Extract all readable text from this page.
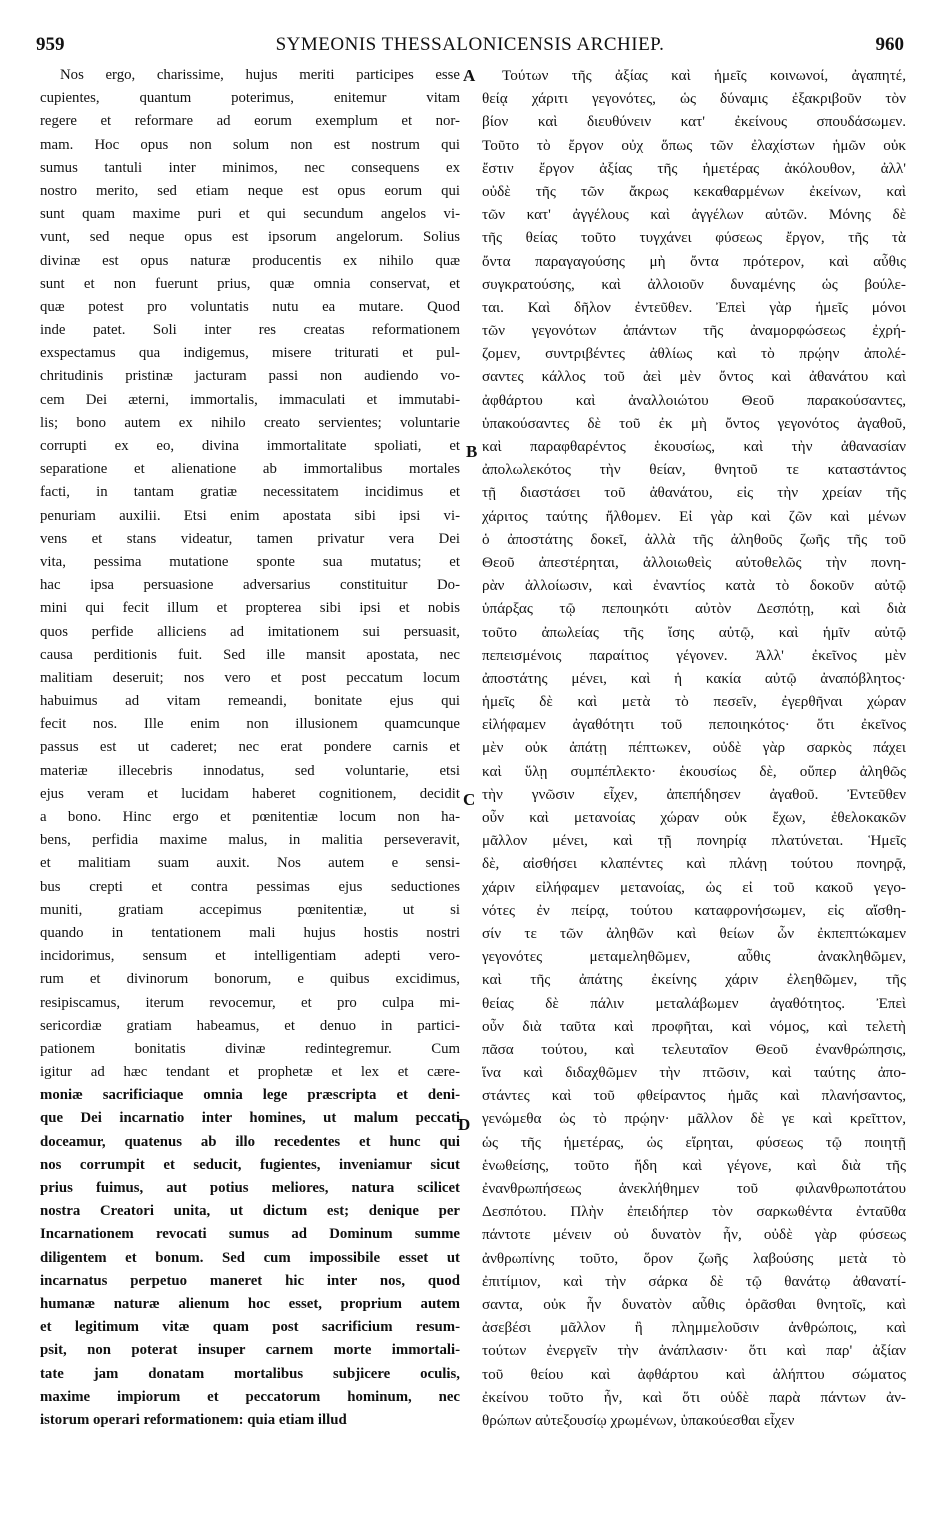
959	SYMEONIS THESSALONICENSIS ARCHIEP.	960
Nos ergo, charissime, hujus meriti participes esse
cupientes, quantum poterimus, enitemur vitam
regere et reformare ad eorum exemplum et nor-
mam. Hoc opus non solum non est nostrum qui
sumus tantuli inter minimos, nec consequens ex
nostro merito, sed etiam neque est opus eorum qui
sunt quam maxime puri et qui secundum angelos vi-
vunt, sed neque opus est ipsorum angelorum. Solius
divinæ est opus naturæ producentis ex nihilo quæ
sunt et non fuerunt prius, quæ omnia conservat, et
quæ potest pro voluntatis nutu ea mutare. Quod
inde patet. Soli inter res creatas reformationem
exspectamus qua indigemus, misere triturati et pul-
chritudinis pristinæ jacturam passi non audiendo vo-
cem Dei æterni, immortalis, immaculati et immutabi-
lis; bono autem ex nihilo creato servientes; voluntarie
corrupti ex eo, divina immortalitate spoliati, et
separatione et alienatione ab immortalibus mortales
facti, in tantam gratiæ necessitatem incidimus et
penuriam auxilii. Etsi enim apostata sibi ipsi vi-
vens et stans videatur, tamen privatur vera Dei
vita, pessima mutatione sponte sua mutatus; et
hac ipsa persuasione adversarius constituitur Do-
mini qui fecit illum et propterea sibi ipsi et nobis
quos perfide alliciens ad imitationem sui persuasit,
causa perditionis fuit. Sed ille mansit apostata, nec
malitiam deseruit; nos vero et post peccatum locum
habuimus ad vitam remeandi, bonitate ejus qui
fecit nos. Ille enim non illusionem quamcunque
passus est ut caderet; nec erat pondere carnis et
materiæ illecebris innodatus, sed voluntarie, etsi
ejus veram et lucidam haberet cognitionem, decidit
a bono. Hinc ergo et pœnitentiæ locum non ha-
bens, perfidia maxime malus, in malitia perseveravit,
et malitiam suam auxit. Nos autem e sensi-
bus crepti et contra pessimas ejus seductiones
muniti, gratiam accepimus pœnitentiæ, ut si
quando in tentationem mali hujus hostis nostri
incidorimus, sensum et intelligentiam adepti vero-
rum et divinorum bonorum, e quibus excidimus,
resipiscamus, iterum revocemur, et pro culpa mi-
sericordiæ gratiam habeamus, et denuo in partici-
pationem bonitatis divinæ redintegremur. Cum
igitur ad hæc tendant et prophetæ et lex et cære-
moniæ sacrificiaque omnia lege præscripta et deni-
que Dei incarnatio inter homines, ut malum peccati
doceamur, quatenus ab illo recedentes et hunc qui
nos corrumpit et seducit, fugientes, inveniamur sicut
prius fuimus, aut potius meliores, natura scilicet
nostra Creatori unita, ut dictum est; denique per
Incarnationem revocati sumus ad Dominum summe
diligentem et bonum. Sed cum impossibile esset ut
incarnatus perpetuo maneret hic inter nos, quod
humanæ naturæ alienum hoc esset, proprium autem
et legitimum vitæ quam post sacrificium resum-
psit, non poterat insuper carnem morte immortali-
tate jam donatam mortalibus subjicere oculis,
maxime impiorum et peccatorum hominum, nec
istorum operari reformationem: quia etiam illud
A
B
C
D
Τούτων τῆς ἀξίας καὶ ἡμεῖς κοινωνοί, ἀγαπητέ,
θείᾳ χάριτι γεγονότες, ὡς δύναμις ἐξακριβοῦν τὸν
βίον καὶ διευθύνειν κατ' ἐκείνους σπουδάσωμεν.
Τοῦτο τὸ ἔργον οὐχ ὅπως τῶν ἐλαχίστων ἡμῶν οὐκ
ἔστιν ἔργον ἀξίας τῆς ἡμετέρας ἀκόλουθον, ἀλλ'
οὐδὲ τῆς τῶν ἄκρως κεκαθαρμένων ἐκείνων, καὶ
τῶν κατ' ἀγγέλους καὶ ἀγγέλων αὐτῶν. Μόνης δὲ
τῆς θείας τοῦτο τυγχάνει φύσεως ἔργον, τῆς τὰ
ὄντα παραγαγούσης μὴ ὄντα πρότερον, καὶ αὖθις
συγκρατούσης, καὶ ἀλλοιοῦν δυναμένης ὡς βούλε-
ται. Καὶ δῆλον ἐντεῦθεν. Ἐπεὶ γὰρ ἡμεῖς μόνοι
τῶν γεγονότων ἁπάντων τῆς ἀναμορφώσεως ἐχρή-
ζομεν, συντριβέντες ἀθλίως καὶ τὸ πρῴην ἀπολέ-
σαντες κάλλος τοῦ ἀεὶ μὲν ὄντος καὶ ἀθανάτου καὶ
ἀφθάρτου καὶ ἀναλλοιώτου Θεοῦ παρακούσαντες,
ὑπακούσαντες δὲ τοῦ ἐκ μὴ ὄντος γεγονότος ἀγαθοῦ,
καὶ παραφθαρέντος ἑκουσίως, καὶ τὴν ἀθανασίαν
ἀπολωλεκότος τὴν θείαν, θνητοῦ τε καταστάντος
τῇ διαστάσει τοῦ ἀθανάτου, εἰς τὴν χρείαν τῆς
χάριτος ταύτης ἤλθομεν. Εἰ γὰρ καὶ ζῶν καὶ μένων
ὁ ἀποστάτης δοκεῖ, ἀλλὰ τῆς ἀληθοῦς ζωῆς τῆς τοῦ
Θεοῦ ἀπεστέρηται, ἀλλοιωθεὶς αὐτοθελῶς τὴν πονη-
ρὰν ἀλλοίωσιν, καὶ ἐναντίος κατὰ τὸ δοκοῦν αὐτῷ
ὑπάρξας τῷ πεποιηκότι αὐτὸν Δεσπότῃ, καὶ διὰ
τοῦτο ἀπωλείας τῆς ἴσης αὐτῷ, καὶ ἡμῖν αὐτῷ
πεπεισμένοις παραίτιος γέγονεν. Ἀλλ' ἐκεῖνος μὲν
ἀποστάτης μένει, καὶ ἡ κακία αὐτῷ ἀναπόβλητος·
ἡμεῖς δὲ καὶ μετὰ τὸ πεσεῖν, ἐγερθῆναι χώραν
εἰλήφαμεν ἀγαθότητι τοῦ πεποιηκότος· ὅτι ἐκεῖνος
μὲν οὐκ ἀπάτῃ πέπτωκεν, οὐδὲ γὰρ σαρκὸς πάχει
καὶ ὕλῃ συμπέπλεκτο· ἑκουσίως δὲ, οὕπερ ἀληθῶς
τὴν γνῶσιν εἶχεν, ἀπεπήδησεν ἀγαθοῦ. Ἐντεῦθεν
οὖν καὶ μετανοίας χώραν οὐκ ἔχων, ἐθελοκακῶν
μᾶλλον μένει, καὶ τῇ πονηρίᾳ πλατύνεται. Ἡμεῖς
δὲ, αἰσθήσει κλαπέντες καὶ πλάνῃ τούτου πονηρᾷ,
χάριν εἰλήφαμεν μετανοίας, ὡς εἰ τοῦ κακοῦ γεγο-
νότες ἐν πείρᾳ, τούτου καταφρονήσωμεν, εἰς αἴσθη-
σίν τε τῶν ἀληθῶν καὶ θείων ὧν ἐκπεπτώκαμεν
γεγονότες μεταμεληθῶμεν, αὖθις ἀνακληθῶμεν,
καὶ τῆς ἀπάτης ἐκείνης χάριν ἐλεηθῶμεν, τῆς
θείας δὲ πάλιν μεταλάβωμεν ἀγαθότητος. Ἐπεὶ
οὖν διὰ ταῦτα καὶ προφῆται, καὶ νόμος, καὶ τελετὴ
πᾶσα τούτου, καὶ τελευταῖον Θεοῦ ἐνανθρώπησις,
ἵνα καὶ διδαχθῶμεν τὴν πτῶσιν, καὶ ταύτης ἀπο-
στάντες καὶ τοῦ φθείραντος ἡμᾶς καὶ πλανήσαντος,
γενώμεθα ὡς τὸ πρῴην· μᾶλλον δὲ γε καὶ κρεῖττον,
ὡς τῆς ἡμετέρας, ὡς εἴρηται, φύσεως τῷ ποιητῇ
ἑνωθείσης, τοῦτο ἤδη καὶ γέγονε, καὶ διὰ τῆς
ἐνανθρωπήσεως ἀνεκλήθημεν τοῦ φιλανθρωποτάτου
Δεσπότου. Πλὴν ἐπειδήπερ τὸν σαρκωθέντα ἐνταῦθα
πάντοτε μένειν οὐ δυνατὸν ἦν, οὐδὲ γὰρ φύσεως
ἀνθρωπίνης τοῦτο, ὅρον ζωῆς λαβούσης μετὰ τὸ
ἐπιτίμιον, καὶ τὴν σάρκα δὲ τῷ θανάτῳ ἀθανατί-
σαντα, οὐκ ἦν δυνατὸν αὖθις ὁρᾶσθαι θνητοῖς, καὶ
ἀσεβέσι μᾶλλον ἢ πλημμελοῦσιν ἀνθρώποις, καὶ
τούτων ἐνεργεῖν τὴν ἀνάπλασιν· ὅτι καὶ παρ' ἀξίαν
τοῦ θείου καὶ ἀφθάρτου καὶ ἀλήπτου σώματος
ἐκείνου τοῦτο ἦν, καὶ ὅτι οὐδὲ παρὰ πάντων ἀν-
θρώπων αὐτεξουσίῳ χρωμένων, ὑπακούεσθαι εἶχεν
